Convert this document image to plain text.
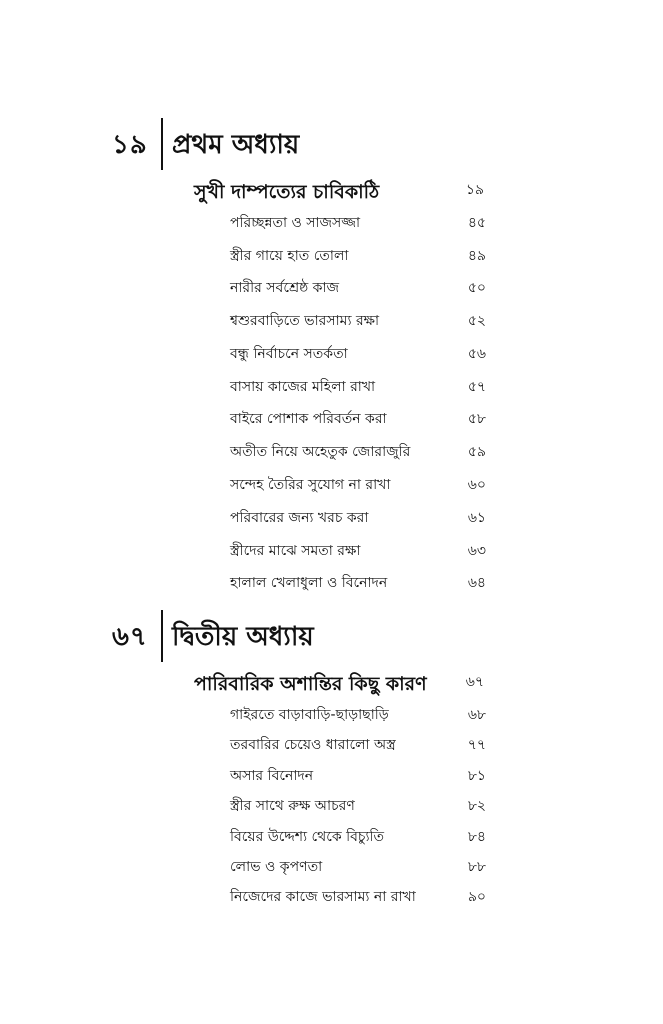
১৯ প্রথম অধ্যায়
সুখী দাম্পত্যের চাবিকাঠি	১৯
পরিচ্ছন্নতা ও সাজসজ্জা	৪৫
স্ত্রীর গায়ে হাত তোলা	৪৯
নারীর সর্বশ্রেষ্ঠ কাজ	৫০
শ্বশুরবাড়িতে ভারসাম্য রক্ষা	৫২
বন্ধু নির্বাচনে সতর্কতা	৫৬
বাসায় কাজের মহিলা রাখা	৫৭
বাইরে পোশাক পরিবর্তন করা	৫৮
অতীত নিয়ে অহেতুক জোরাজুরি	৫৯
সন্দেহ তৈরির সুযোগ না রাখা	৬০
পরিবারের জন্য খরচ করা	৬১
স্ত্রীদের মাঝে সমতা রক্ষা	৬৩
হালাল খেলাধুলা ও বিনোদন	৬৪
৬৭ দ্বিতীয় অধ্যায়
পারিবারিক অশান্তির কিছু কারণ	৬৭
গাইরতে বাড়াবাড়ি-ছাড়াছাড়ি	৬৮
তরবারির চেয়েও ধারালো অস্ত্র	৭৭
অসার বিনোদন	৮১
স্ত্রীর সাথে রুক্ষ আচরণ	৮২
বিয়ের উদ্দেশ্য থেকে বিচ্যুতি	৮৪
লোভ ও কৃপণতা	৮৮
নিজেদের কাজে ভারসাম্য না রাখা	৯০
